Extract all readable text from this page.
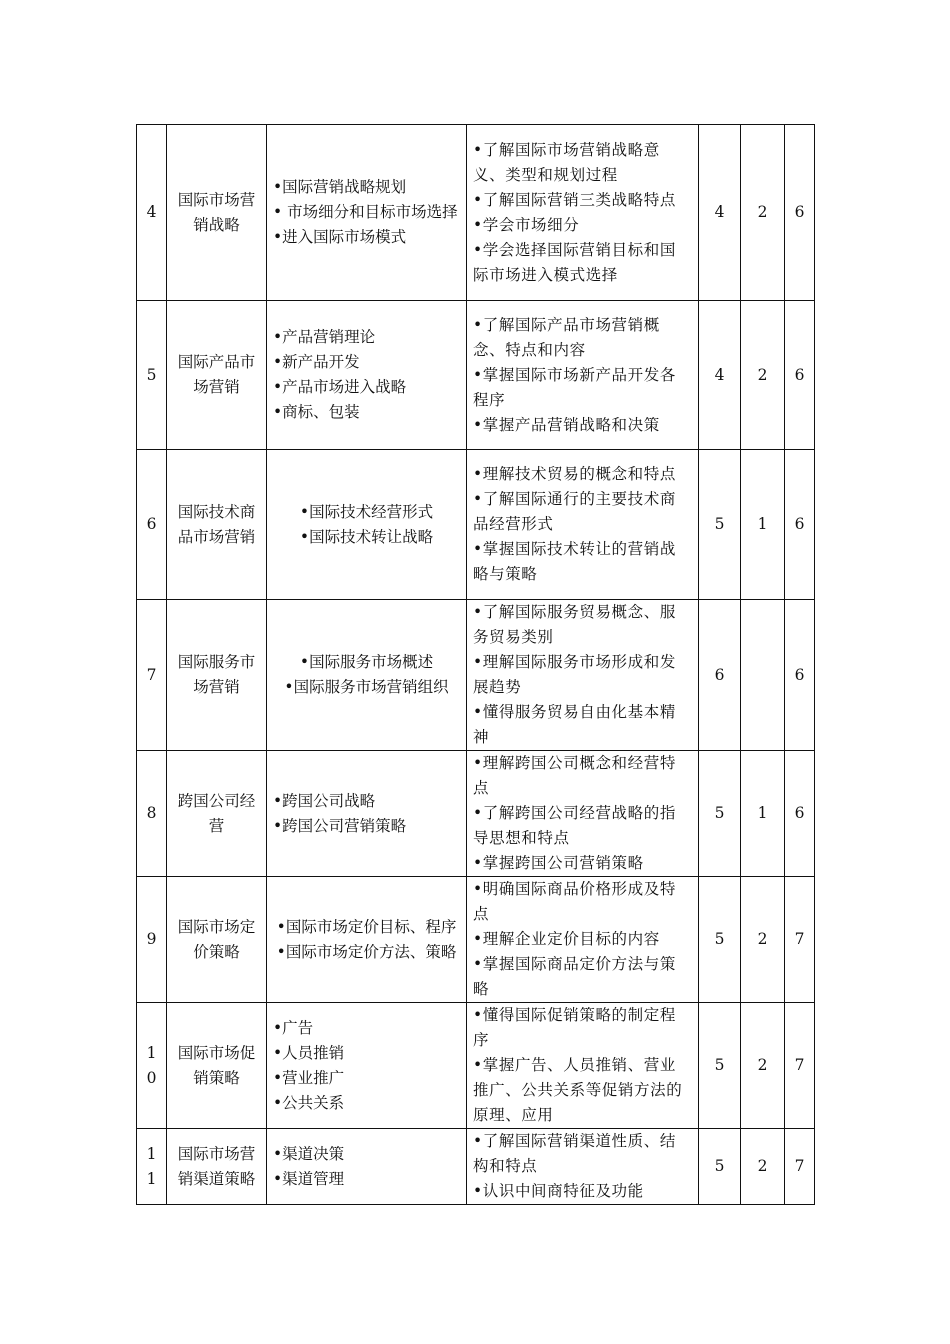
4	国际市场营销战略	•国际营销战略规划
• 市场细分和目标市场选择
•进入国际市场模式	•了解国际市场营销战略意义、类型和规划过程
•了解国际营销三类战略特点
•学会市场细分
•学会选择国际营销目标和国际市场进入模式选择	4	2	6
5	国际产品市场营销	•产品营销理论
•新产品开发
•产品市场进入战略
•商标、包装	•了解国际产品市场营销概念、特点和内容
•掌握国际市场新产品开发各程序
•掌握产品营销战略和决策	4	2	6
6	国际技术商品市场营销	•国际技术经营形式
•国际技术转让战略	•理解技术贸易的概念和特点
•了解国际通行的主要技术商品经营形式
•掌握国际技术转让的营销战略与策略	5	1	6
7	国际服务市场营销	•国际服务市场概述
•国际服务市场营销组织	•了解国际服务贸易概念、服务贸易类别
•理解国际服务市场形成和发展趋势
•懂得服务贸易自由化基本精神	6		6
8	跨国公司经营	•跨国公司战略
•跨国公司营销策略	•理解跨国公司概念和经营特点
•了解跨国公司经营战略的指导思想和特点
•掌握跨国公司营销策略	5	1	6
9	国际市场定价策略	•国际市场定价目标、程序
•国际市场定价方法、策略	•明确国际商品价格形成及特点
•理解企业定价目标的内容
•掌握国际商品定价方法与策略	5	2	7
10	国际市场促销策略	•广告
•人员推销
•营业推广
•公共关系	•懂得国际促销策略的制定程序
•掌握广告、人员推销、营业推广、公共关系等促销方法的原理、应用	5	2	7
11	国际市场营销渠道策略	•渠道决策
•渠道管理	•了解国际营销渠道性质、结构和特点
•认识中间商特征及功能	5	2	7
